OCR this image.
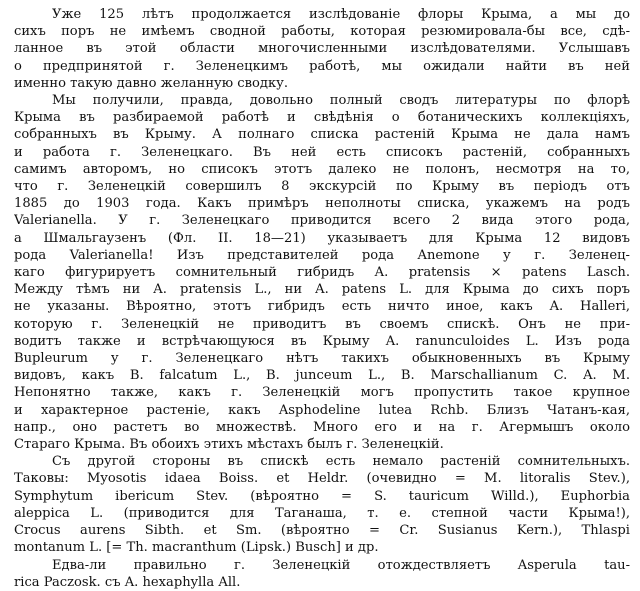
Уже 125 лѣтъ продолжается изслѣдованіе флоры Крыма, а мы до
сихъ поръ не имѣемъ сводной работы, которая резюмировала-бы все, сдѣ-
ланное въ этой области многочисленными изслѣдователями. Услышавъ
о предпринятой г. Зеленецкимъ работѣ, мы ожидали найти въ ней
именно такую давно желанную сводку.
Мы получили, правда, довольно полный сводъ литературы по флорѣ
Крыма въ разбираемой работѣ и свѣдѣнія о ботаническихъ коллекціяхъ,
собранныхъ въ Крыму. А полнаго списка растеній Крыма не дала намъ
и работа г. Зеленецкаго. Въ ней есть списокъ растеній, собранныхъ
самимъ авторомъ, но списокъ этотъ далеко не полонъ, несмотря на то,
что г. Зеленецкій совершилъ 8 экскурсій по Крыму въ періодъ отъ
1885 до 1903 года. Какъ примѣръ неполноты списка, укажемъ на родъ
Valerianella. У г. Зеленецкаго приводится всего 2 вида этого рода,
а Шмальгаузенъ (Фл. II. 18—21) указываетъ для Крыма 12 видовъ
рода Valerianella! Изъ представителей рода Anemone у г. Зеленец-
каго фигурируетъ сомнительный гибридъ A. pratensis × patens Lasch.
Между тѣмъ ни A. pratensis L., ни A. patens L. для Крыма до сихъ поръ
не указаны. Вѣроятно, этотъ гибридъ есть ничто иное, какъ A. Halleri,
которую г. Зеленецкій не приводитъ въ своемъ спискѣ. Онъ не при-
водитъ также и встрѣчающуюся въ Крыму A. ranunculoides L. Изъ рода
Bupleurum у г. Зеленецкаго нѣтъ такихъ обыкновенныхъ въ Крыму
видовъ, какъ B. falcatum L., B. junceum L., B. Marschallianum C. A. M.
Непонятно также, какъ г. Зеленецкій могъ пропустить такое крупное
и характерное растеніе, какъ Asphodeline lutea Rchb. Близъ Чатанъ-кая,
напр., оно растетъ во множествѣ. Много его и на г. Агермышъ около
Стараго Крыма. Въ обоихъ этихъ мѣстахъ былъ г. Зеленецкій.
Съ другой стороны въ спискѣ есть немало растеній сомнительныхъ.
Таковы: Myosotis idaea Boiss. et Heldr. (очевидно = M. litoralis Stev.),
Symphytum ibericum Stev. (вѣроятно = S. tauricum Willd.), Euphorbia
aleppica L. (приводится для Таганаша, т. е. степной части Крыма!),
Crocus aurens Sibth. et Sm. (вѣроятно = Cr. Susianus Kern.), Thlaspi
montanum L. [= Th. macranthum (Lipsk.) Busch] и др.
Едва-ли правильно г. Зеленецкій отождествляетъ Asperula tau-
rica Paczosk. съ A. hexaphylla All.
